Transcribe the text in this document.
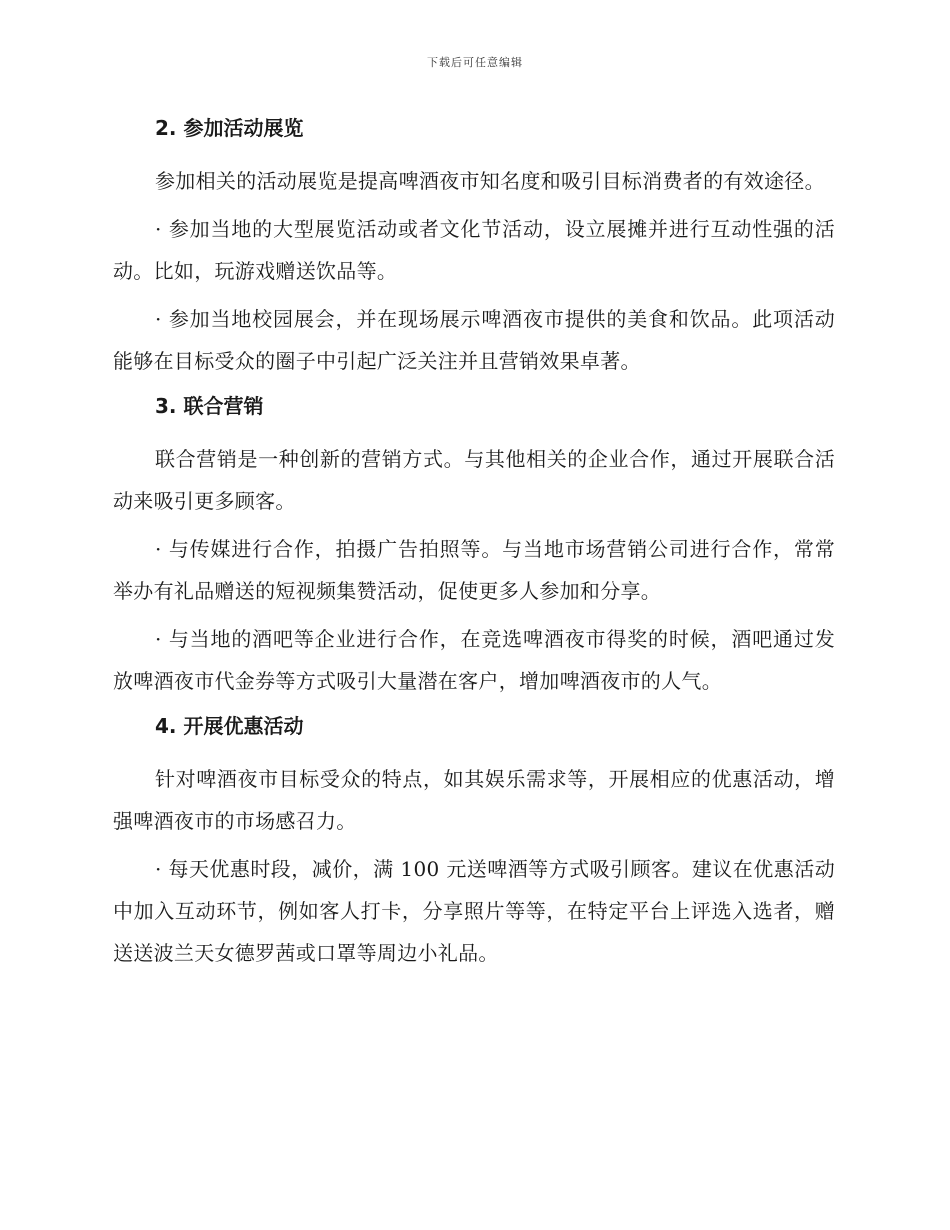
下载后可任意编辑
2. 参加活动展览

参加相关的活动展览是提高啤酒夜市知名度和吸引目标消费者的有效途径。

· 参加当地的大型展览活动或者文化节活动，设立展摊并进行互动性强的活动。比如，玩游戏赠送饮品等。

· 参加当地校园展会，并在现场展示啤酒夜市提供的美食和饮品。此项活动能够在目标受众的圈子中引起广泛关注并且营销效果卓著。

3. 联合营销

联合营销是一种创新的营销方式。与其他相关的企业合作，通过开展联合活动来吸引更多顾客。

· 与传媒进行合作，拍摄广告拍照等。与当地市场营销公司进行合作，常常举办有礼品赠送的短视频集赞活动，促使更多人参加和分享。

· 与当地的酒吧等企业进行合作，在竞选啤酒夜市得奖的时候，酒吧通过发放啤酒夜市代金券等方式吸引大量潜在客户，增加啤酒夜市的人气。

4. 开展优惠活动

针对啤酒夜市目标受众的特点，如其娱乐需求等，开展相应的优惠活动，增强啤酒夜市的市场感召力。

· 每天优惠时段，减价，满 100 元送啤酒等方式吸引顾客。建议在优惠活动中加入互动环节，例如客人打卡，分享照片等等，在特定平台上评选入选者，赠送送波兰天女德罗茜或口罩等周边小礼品。
